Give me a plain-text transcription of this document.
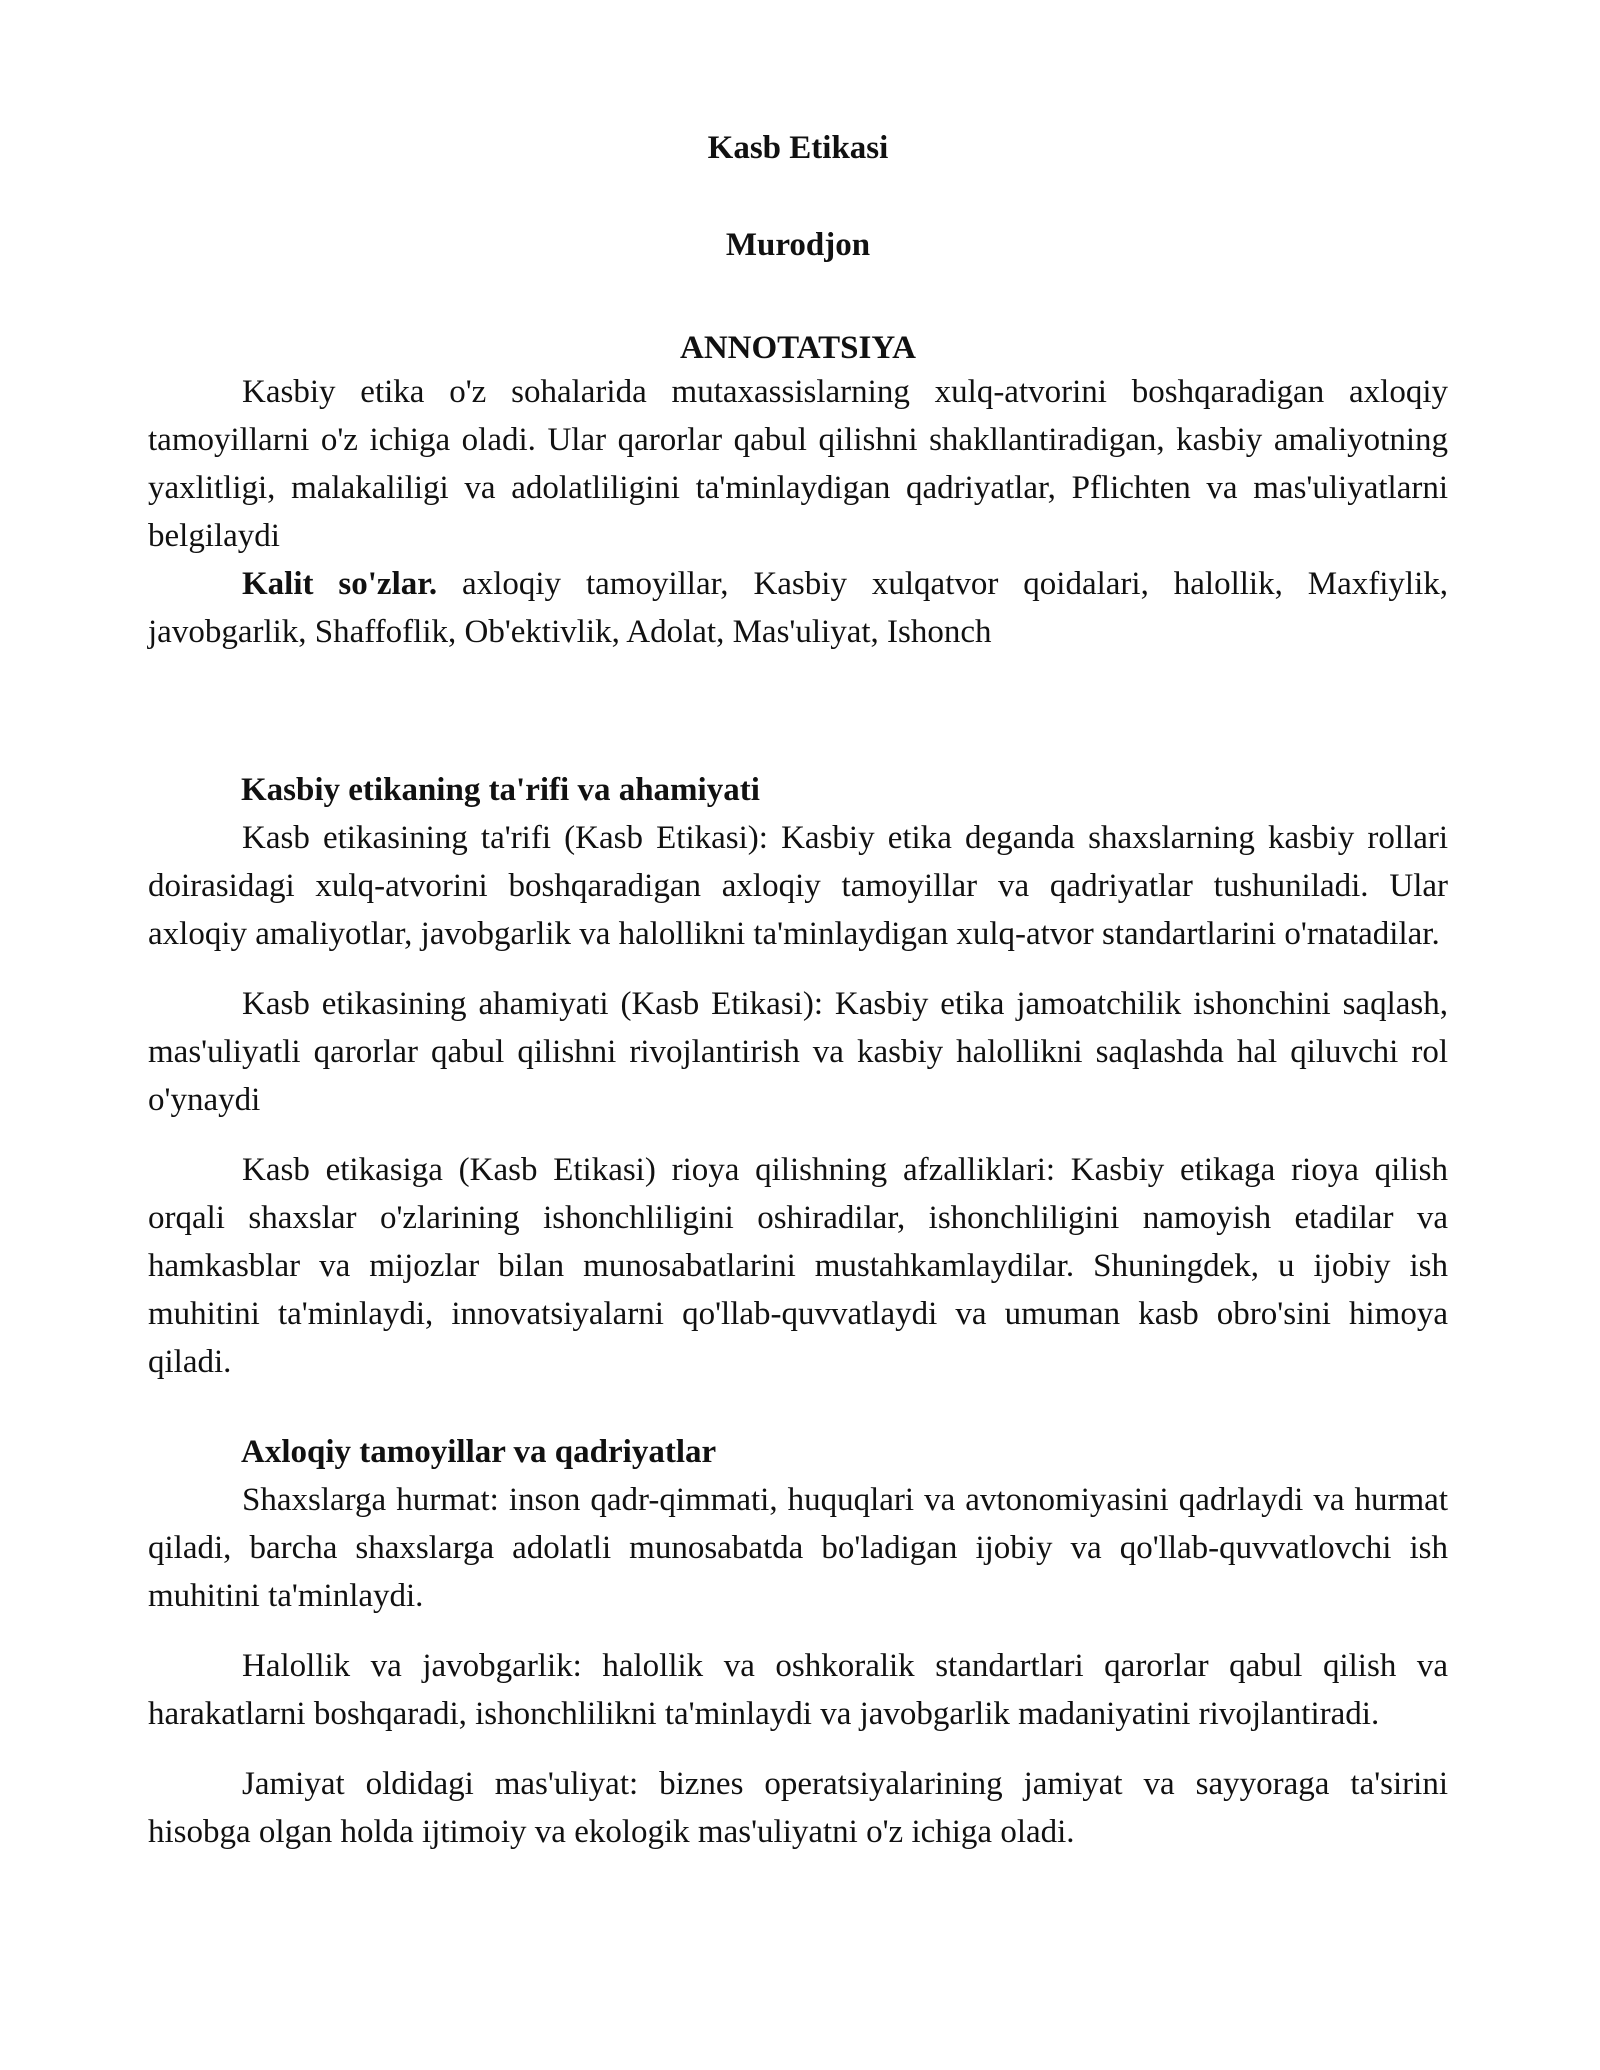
Kasb Etikasi
Murodjon
ANNOTATSIYA

Kasbiy etika o'z sohalarida mutaxassislarning xulq-atvorini boshqaradigan axloqiy tamoyillarni o'z ichiga oladi. Ular qarorlar qabul qilishni shakllantiradigan, kasbiy amaliyotning yaxlitligi, malakaliligi va adolatliligini ta'minlaydigan qadriyatlar, Pflichten va mas'uliyatlarni belgilaydi

Kalit so'zlar. axloqiy tamoyillar, Kasbiy xulqatvor qoidalari, halollik, Maxfiylik, javobgarlik, Shaffoflik, Ob'ektivlik, Adolat, Mas'uliyat, Ishonch

Kasbiy etikaning ta'rifi va ahamiyati

Kasb etikasining ta'rifi (Kasb Etikasi): Kasbiy etika deganda shaxslarning kasbiy rollari doirasidagi xulq-atvorini boshqaradigan axloqiy tamoyillar va qadriyatlar tushuniladi. Ular axloqiy amaliyotlar, javobgarlik va halollikni ta'minlaydigan xulq-atvor standartlarini o'rnatadilar.

Kasb etikasining ahamiyati (Kasb Etikasi): Kasbiy etika jamoatchilik ishonchini saqlash, mas'uliyatli qarorlar qabul qilishni rivojlantirish va kasbiy halollikni saqlashda hal qiluvchi rol o'ynaydi

Kasb etikasiga (Kasb Etikasi) rioya qilishning afzalliklari: Kasbiy etikaga rioya qilish orqali shaxslar o'zlarining ishonchliligini oshiradilar, ishonchliligini namoyish etadilar va hamkasblar va mijozlar bilan munosabatlarini mustahkamlaydilar. Shuningdek, u ijobiy ish muhitini ta'minlaydi, innovatsiyalarni qo'llab-quvvatlaydi va umuman kasb obro'sini himoya qiladi.

Axloqiy tamoyillar va qadriyatlar

Shaxslarga hurmat: inson qadr-qimmati, huquqlari va avtonomiyasini qadrlaydi va hurmat qiladi, barcha shaxslarga adolatli munosabatda bo'ladigan ijobiy va qo'llab-quvvatlovchi ish muhitini ta'minlaydi.

Halollik va javobgarlik: halollik va oshkoralik standartlari qarorlar qabul qilish va harakatlarni boshqaradi, ishonchlilikni ta'minlaydi va javobgarlik madaniyatini rivojlantiradi.

Jamiyat oldidagi mas'uliyat: biznes operatsiyalarining jamiyat va sayyoraga ta'sirini hisobga olgan holda ijtimoiy va ekologik mas'uliyatni o'z ichiga oladi.
